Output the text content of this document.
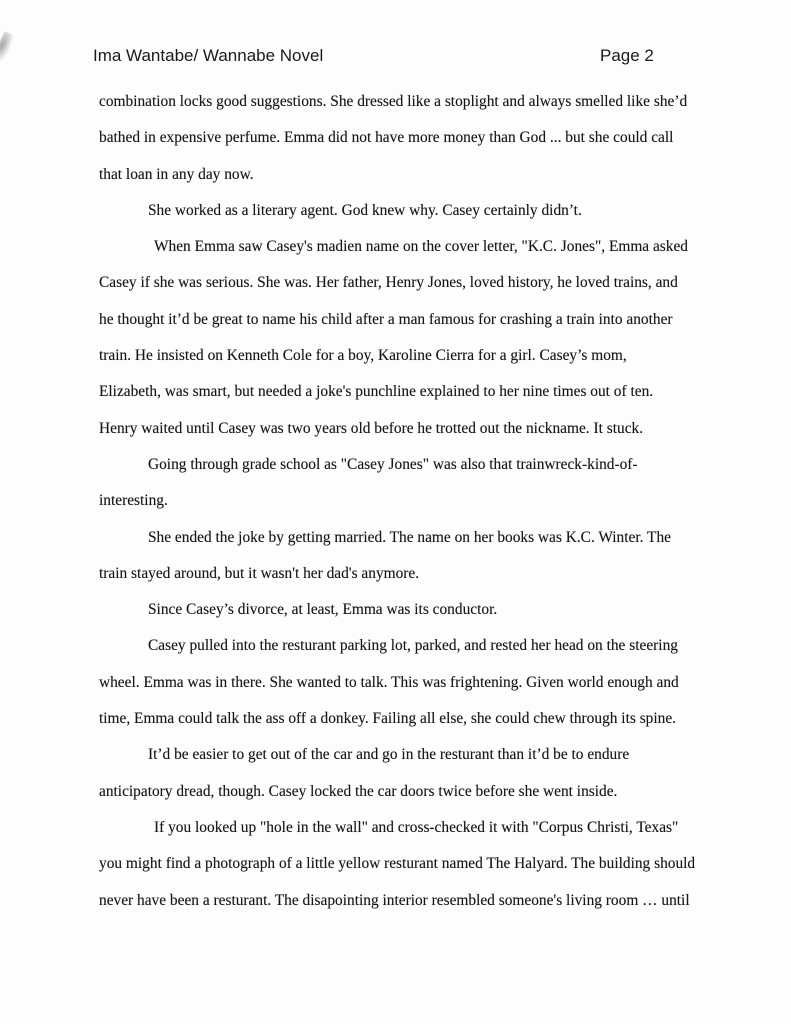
Ima Wantabe/ Wannabe Novel	Page 2

combination locks good suggestions. She dressed like a stoplight and always smelled like she’d
bathed in expensive perfume. Emma did not have more money than God ... but she could call
that loan in any day now.

She worked as a literary agent. God knew why. Casey certainly didn’t.

When Emma saw Casey's madien name on the cover letter, "K.C. Jones", Emma asked
Casey if she was serious. She was. Her father, Henry Jones, loved history, he loved trains, and
he thought it’d be great to name his child after a man famous for crashing a train into another
train. He insisted on Kenneth Cole for a boy, Karoline Cierra for a girl. Casey’s mom,
Elizabeth, was smart, but needed a joke's punchline explained to her nine times out of ten.
Henry waited until Casey was two years old before he trotted out the nickname. It stuck.

Going through grade school as "Casey Jones" was also that trainwreck-kind-of-
interesting.

She ended the joke by getting married. The name on her books was K.C. Winter. The
train stayed around, but it wasn't her dad's anymore.

Since Casey’s divorce, at least, Emma was its conductor.

Casey pulled into the resturant parking lot, parked, and rested her head on the steering
wheel. Emma was in there. She wanted to talk. This was frightening. Given world enough and
time, Emma could talk the ass off a donkey. Failing all else, she could chew through its spine.

It’d be easier to get out of the car and go in the resturant than it’d be to endure
anticipatory dread, though. Casey locked the car doors twice before she went inside.

If you looked up "hole in the wall" and cross-checked it with "Corpus Christi, Texas"
you might find a photograph of a little yellow resturant named The Halyard. The building should
never have been a resturant. The disapointing interior resembled someone's living room … until
